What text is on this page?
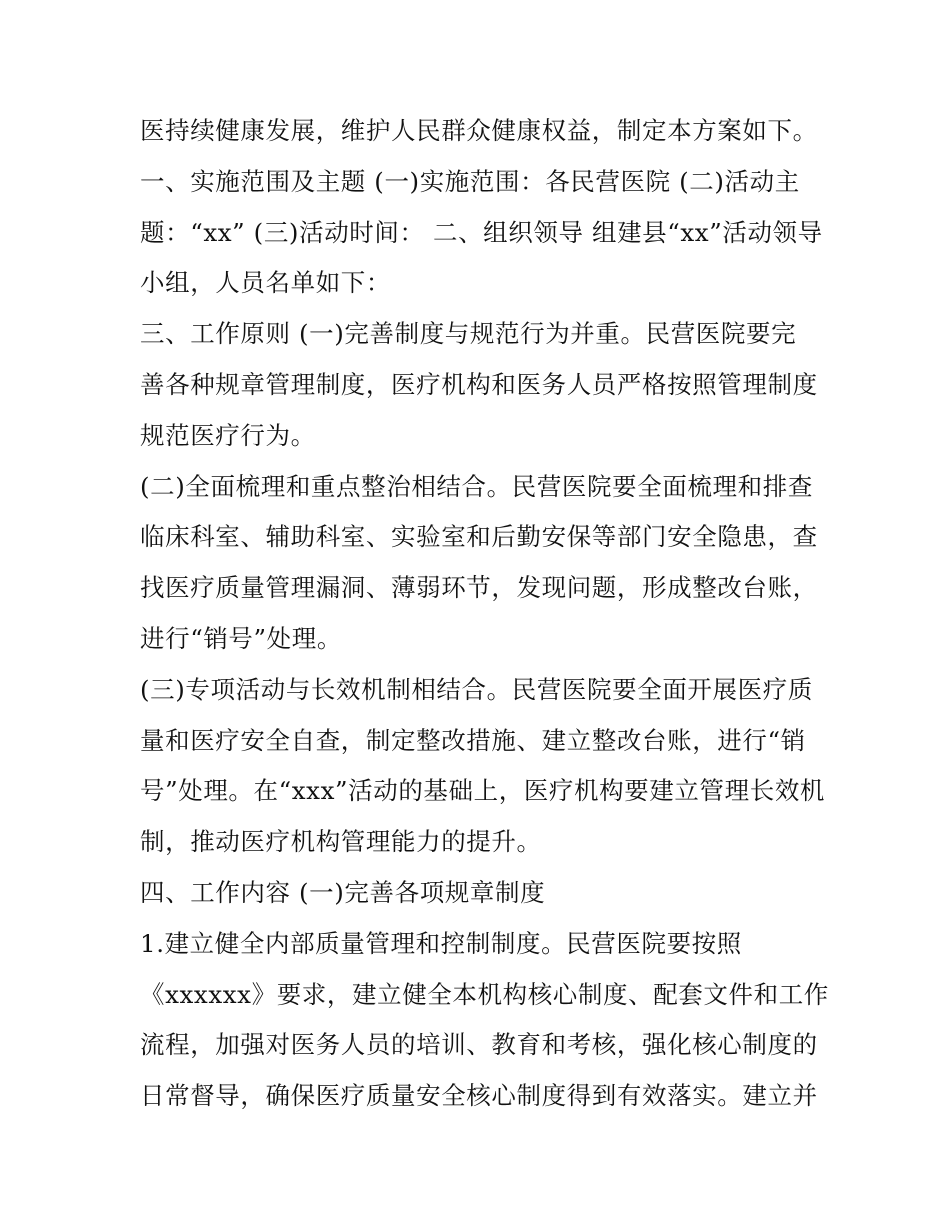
医持续健康发展，维护人民群众健康权益，制定本方案如下。
一、实施范围及主题 (一)实施范围：各民营医院 (二)活动主
题：“xx” (三)活动时间： 二、组织领导 组建县“xx”活动领导
小组，人员名单如下：
三、工作原则 (一)完善制度与规范行为并重。民营医院要完
善各种规章管理制度，医疗机构和医务人员严格按照管理制度
规范医疗行为。
(二)全面梳理和重点整治相结合。民营医院要全面梳理和排查
临床科室、辅助科室、实验室和后勤安保等部门安全隐患，查
找医疗质量管理漏洞、薄弱环节，发现问题，形成整改台账，
进行“销号”处理。
(三)专项活动与长效机制相结合。民营医院要全面开展医疗质
量和医疗安全自查，制定整改措施、建立整改台账，进行“销
号”处理。在“xxx”活动的基础上，医疗机构要建立管理长效机
制，推动医疗机构管理能力的提升。
四、工作内容 (一)完善各项规章制度
1.建立健全内部质量管理和控制制度。民营医院要按照
《xxxxxx》要求，建立健全本机构核心制度、配套文件和工作
流程，加强对医务人员的培训、教育和考核，强化核心制度的
日常督导，确保医疗质量安全核心制度得到有效落实。建立并
